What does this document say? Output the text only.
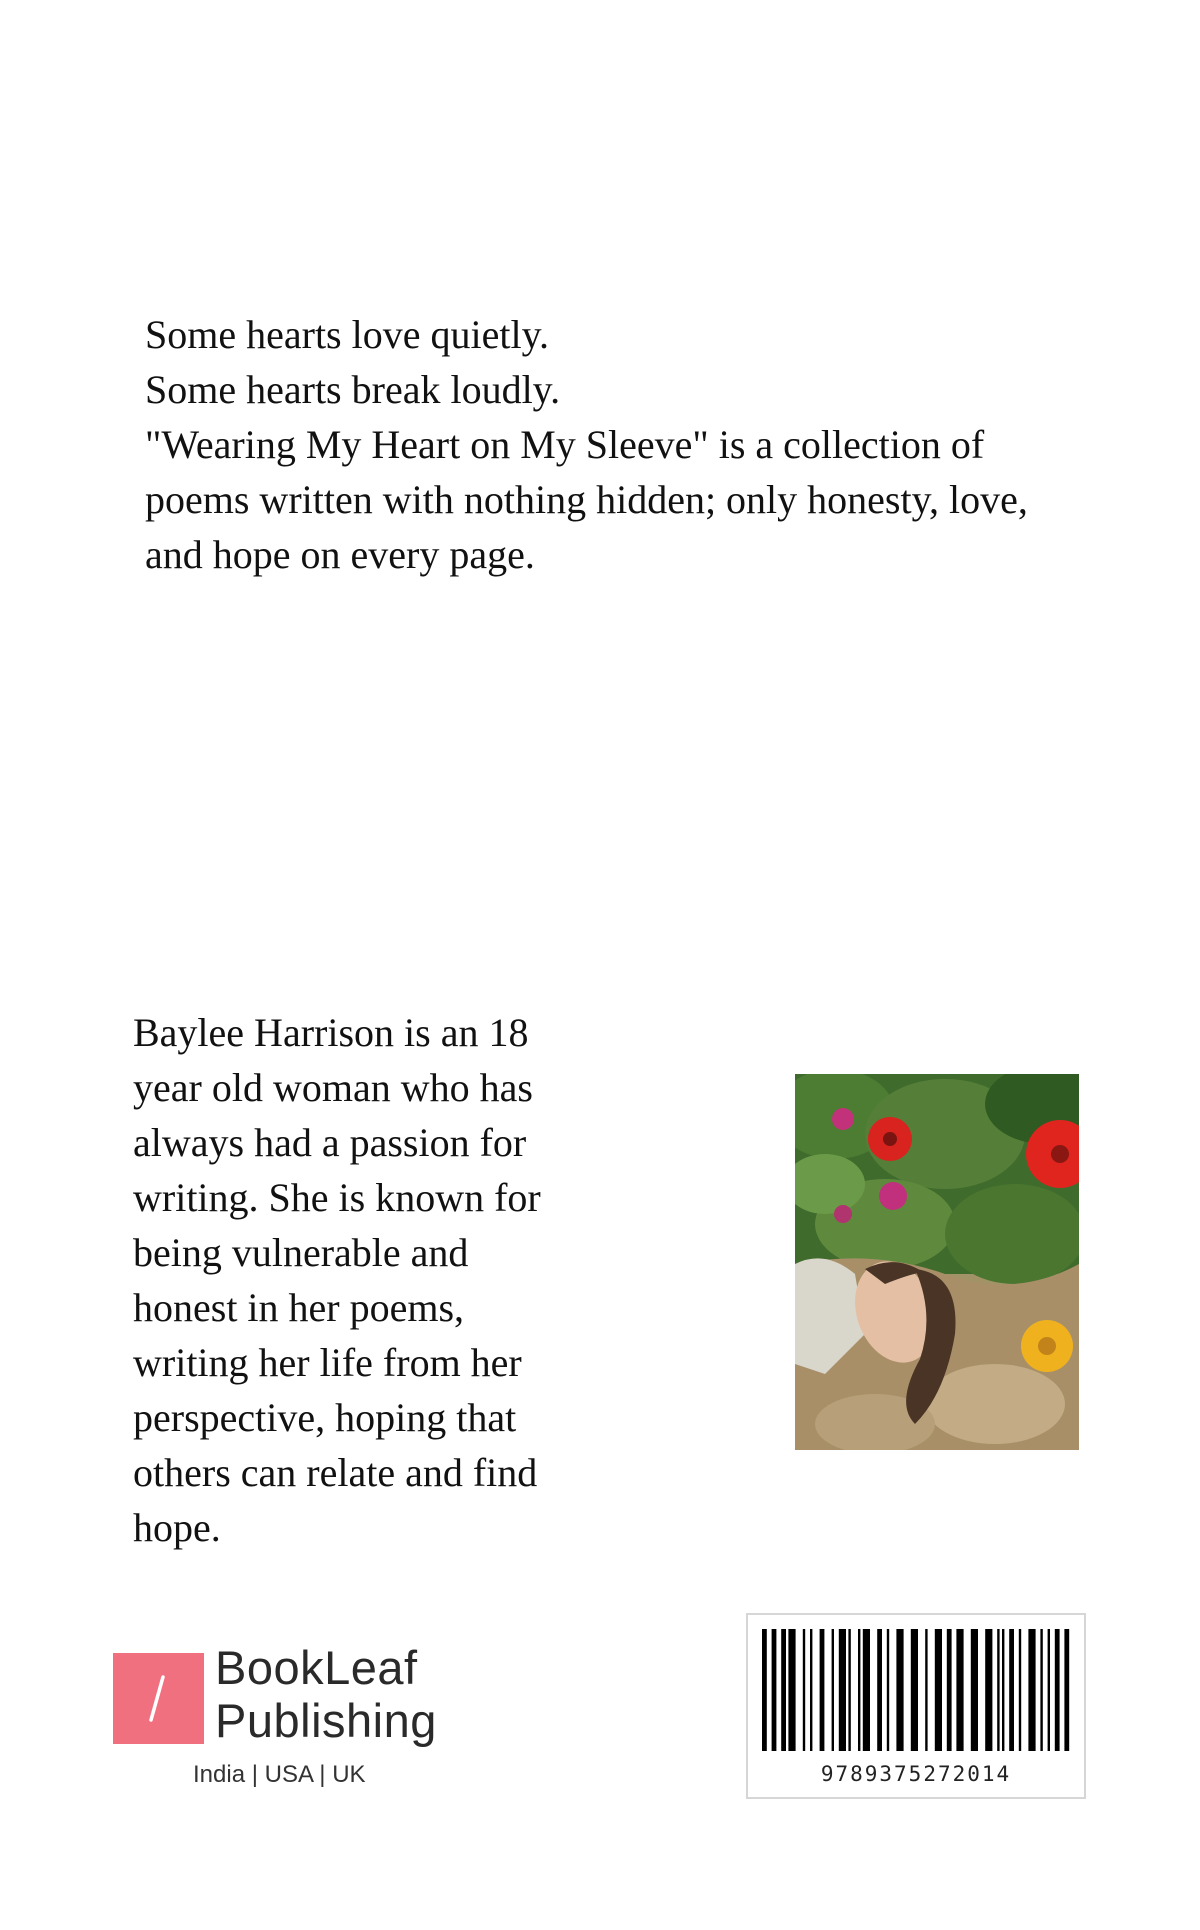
Some hearts love quietly.
Some hearts break loudly.
"Wearing My Heart on My Sleeve" is a collection of
poems written with nothing hidden; only honesty, love,
and hope on every page.
Baylee Harrison is an 18
year old woman who has
always had a passion for
writing. She is known for
being vulnerable and
honest in her poems,
writing her life from her
perspective, hoping that
others can relate and find
hope.
BookLeaf
Publishing
India | USA | UK	9789375272014
